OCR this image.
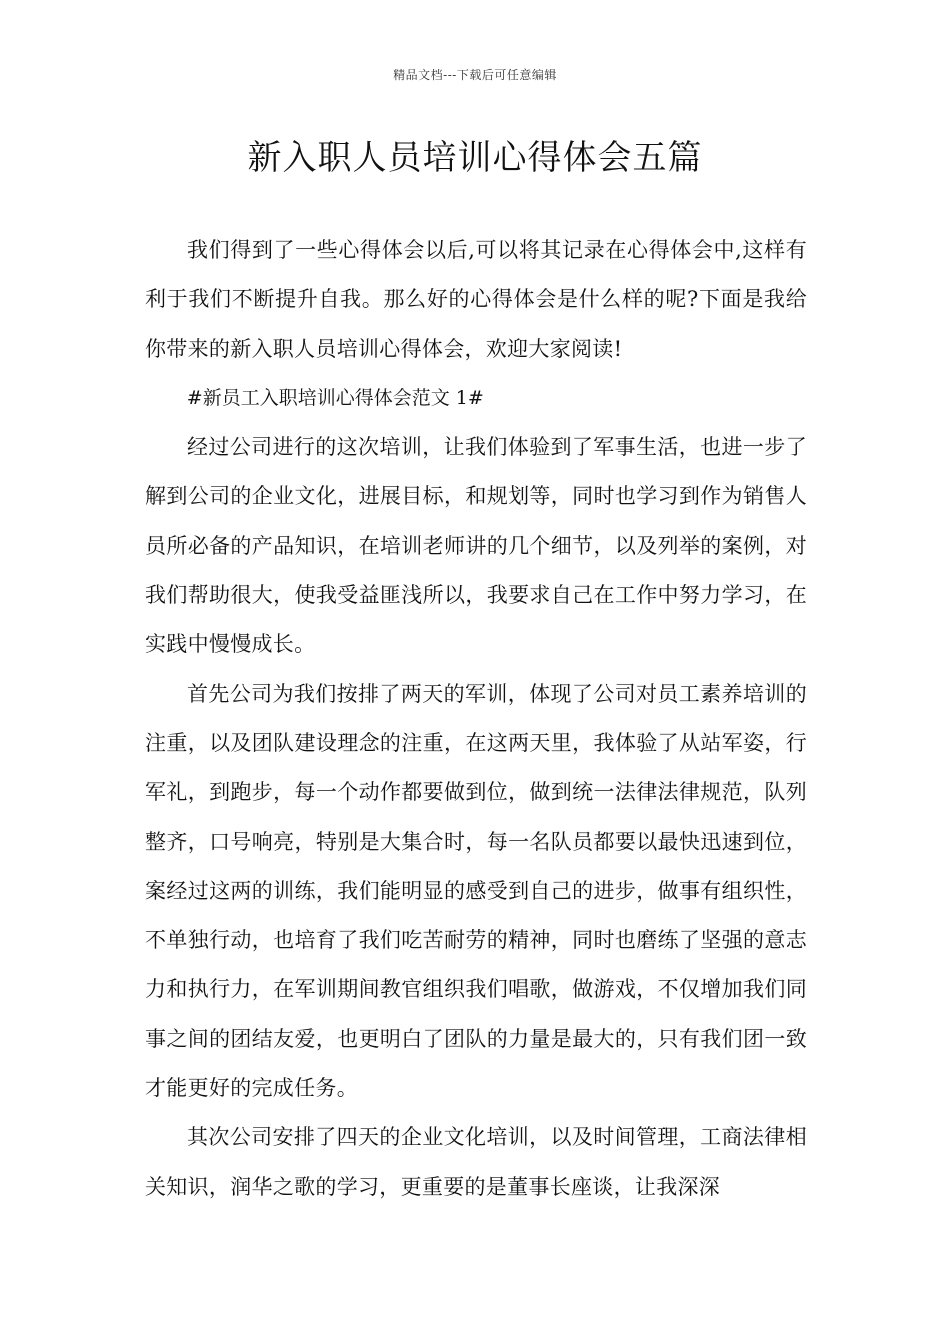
精品文档---下载后可任意编辑
新入职人员培训心得体会五篇

我们得到了一些心得体会以后,可以将其记录在心得体会中,这样有利于我们不断提升自我。那么好的心得体会是什么样的呢?下面是我给你带来的新入职人员培训心得体会，欢迎大家阅读!

#新员工入职培训心得体会范文 1#

经过公司进行的这次培训，让我们体验到了军事生活，也进一步了解到公司的企业文化，进展目标，和规划等，同时也学习到作为销售人员所必备的产品知识，在培训老师讲的几个细节，以及列举的案例，对我们帮助很大，使我受益匪浅所以，我要求自己在工作中努力学习，在实践中慢慢成长。

首先公司为我们按排了两天的军训，体现了公司对员工素养培训的注重，以及团队建设理念的注重，在这两天里，我体验了从站军姿，行军礼，到跑步，每一个动作都要做到位，做到统一法律法律规范，队列整齐，口号响亮，特别是大集合时，每一名队员都要以最快迅速到位，案经过这两的训练，我们能明显的感受到自己的进步，做事有组织性，不单独行动，也培育了我们吃苦耐劳的精神，同时也磨练了坚强的意志力和执行力，在军训期间教官组织我们唱歌，做游戏，不仅增加我们同事之间的团结友爱，也更明白了团队的力量是最大的，只有我们团一致才能更好的完成任务。

其次公司安排了四天的企业文化培训，以及时间管理，工商法律相关知识，润华之歌的学习，更重要的是董事长座谈，让我深深
